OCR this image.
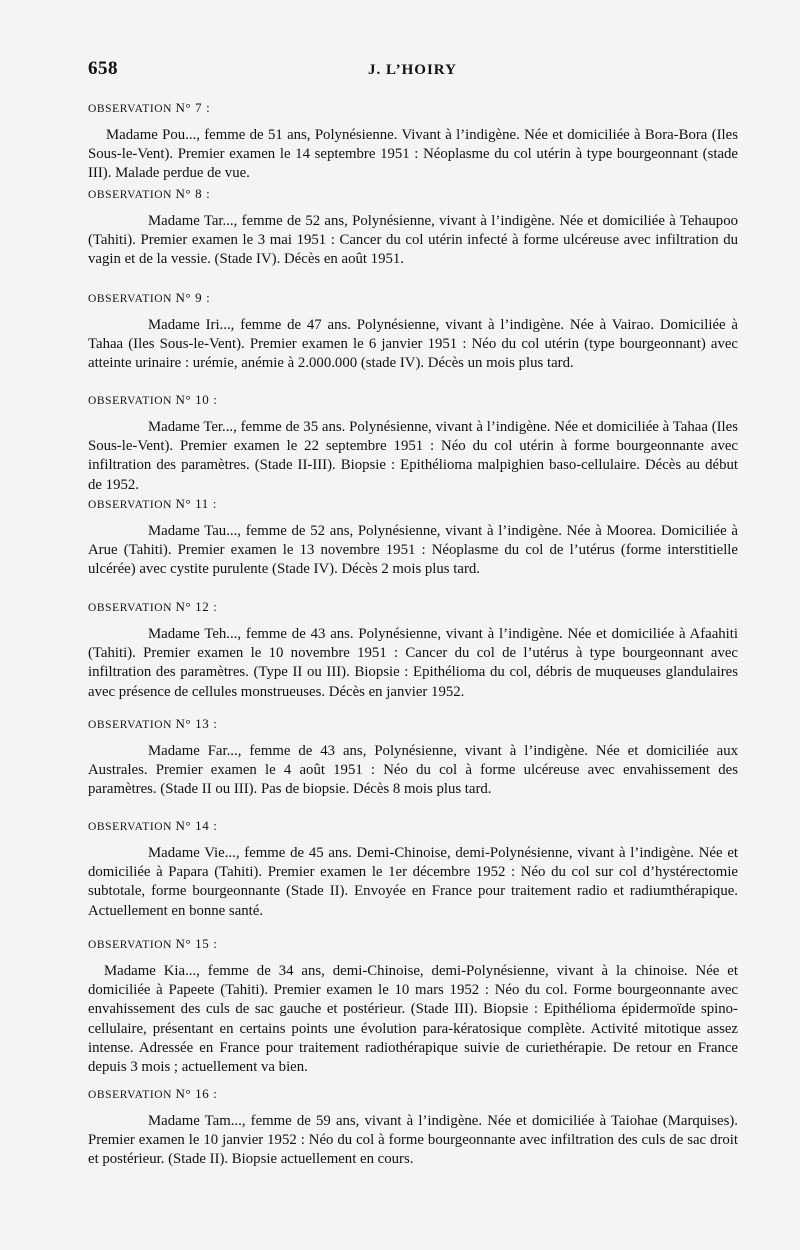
658	J. L’HOIRY
OBSERVATION N° 7 :
Madame Pou..., femme de 51 ans, Polynésienne. Vivant à l’indigène. Née et domiciliée à Bora-Bora (Iles Sous-le-Vent). Premier examen le 14 septembre 1951 : Néoplasme du col utérin à type bourgeonnant (stade III). Malade perdue de vue.
OBSERVATION N° 8 :
Madame Tar..., femme de 52 ans, Polynésienne, vivant à l’indigène. Née et domiciliée à Tehaupoo (Tahiti). Premier examen le 3 mai 1951 : Cancer du col utérin infecté à forme ulcéreuse avec infiltration du vagin et de la vessie. (Stade IV). Décès en août 1951.
OBSERVATION N° 9 :
Madame Iri..., femme de 47 ans. Polynésienne, vivant à l’indigène. Née à Vairao. Domiciliée à Tahaa (Iles Sous-le-Vent). Premier examen le 6 janvier 1951 : Néo du col utérin (type bourgeonnant) avec atteinte urinaire : urémie, anémie à 2.000.000 (stade IV). Décès un mois plus tard.
OBSERVATION N° 10 :
Madame Ter..., femme de 35 ans. Polynésienne, vivant à l’indigène. Née et domiciliée à Tahaa (Iles Sous-le-Vent). Premier examen le 22 septembre 1951 : Néo du col utérin à forme bourgeonnante avec infiltration des paramètres. (Stade II-III). Biopsie : Epithélioma malpighien baso-cellulaire. Décès au début de 1952.
OBSERVATION N° 11 :
Madame Tau..., femme de 52 ans, Polynésienne, vivant à l’indigène. Née à Moorea. Domiciliée à Arue (Tahiti). Premier examen le 13 novembre 1951 : Néoplasme du col de l’utérus (forme interstitielle ulcérée) avec cystite purulente (Stade IV). Décès 2 mois plus tard.
OBSERVATION N° 12 :
Madame Teh..., femme de 43 ans. Polynésienne, vivant à l’indigène. Née et domiciliée à Afaahiti (Tahiti). Premier examen le 10 novembre 1951 : Cancer du col de l’utérus à type bourgeonnant avec infiltration des paramètres. (Type II ou III). Biopsie : Epithélioma du col, débris de muqueuses glandulaires avec présence de cellules monstrueuses. Décès en janvier 1952.
OBSERVATION N° 13 :
Madame Far..., femme de 43 ans, Polynésienne, vivant à l’indigène. Née et domiciliée aux Australes. Premier examen le 4 août 1951 : Néo du col à forme ulcéreuse avec envahissement des paramètres. (Stade II ou III). Pas de biopsie. Décès 8 mois plus tard.
OBSERVATION N° 14 :
Madame Vie..., femme de 45 ans. Demi-Chinoise, demi-Polynésienne, vivant à l’indigène. Née et domiciliée à Papara (Tahiti). Premier examen le 1er décembre 1952 : Néo du col sur col d’hystérectomie subtotale, forme bourgeonnante (Stade II). Envoyée en France pour traitement radio et radiumthérapique. Actuellement en bonne santé.
OBSERVATION N° 15 :
Madame Kia..., femme de 34 ans, demi-Chinoise, demi-Polynésienne, vivant à la chinoise. Née et domiciliée à Papeete (Tahiti). Premier examen le 10 mars 1952 : Néo du col. Forme bourgeonnante avec envahissement des culs de sac gauche et postérieur. (Stade III). Biopsie : Epithélioma épidermoïde spino-cellulaire, présentant en certains points une évolution para-kératosique complète. Activité mitotique assez intense. Adressée en France pour traitement radiothérapique suivie de curiethérapie. De retour en France depuis 3 mois ; actuellement va bien.
OBSERVATION N° 16 :
Madame Tam..., femme de 59 ans, vivant à l’indigène. Née et domiciliée à Taiohae (Marquises). Premier examen le 10 janvier 1952 : Néo du col à forme bourgeonnante avec infiltration des culs de sac droit et postérieur. (Stade II). Biopsie actuellement en cours.
